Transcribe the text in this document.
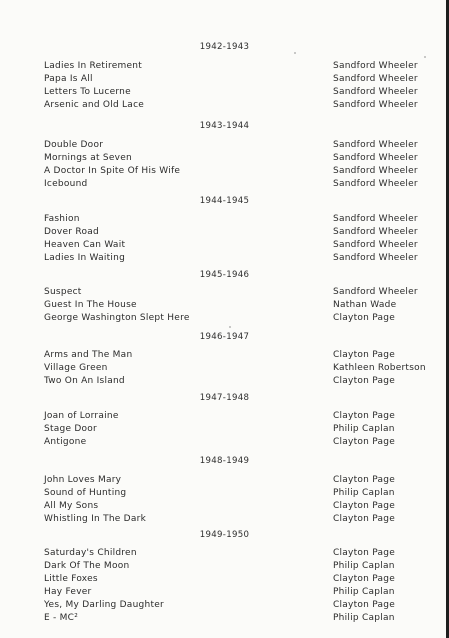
1942-1943
Ladies In Retirement	Sandford Wheeler
Papa Is All	Sandford Wheeler
Letters To Lucerne	Sandford Wheeler
Arsenic and Old Lace	Sandford Wheeler
1943-1944
Double Door	Sandford Wheeler
Mornings at Seven	Sandford Wheeler
A Doctor In Spite Of His Wife	Sandford Wheeler
Icebound	Sandford Wheeler
1944-1945
Fashion	Sandford Wheeler
Dover Road	Sandford Wheeler
Heaven Can Wait	Sandford Wheeler
Ladies In Waiting	Sandford Wheeler
1945-1946
Suspect	Sandford Wheeler
Guest In The House	Nathan Wade
George Washington Slept Here	Clayton Page
1946-1947
Arms and The Man	Clayton Page
Village Green	Kathleen Robertson
Two On An Island	Clayton Page
1947-1948
Joan of Lorraine	Clayton Page
Stage Door	Philip Caplan
Antigone	Clayton Page
1948-1949
John Loves Mary	Clayton Page
Sound of Hunting	Philip Caplan
All My Sons	Clayton Page
Whistling In The Dark	Clayton Page
1949-1950
Saturday's Children	Clayton Page
Dark Of The Moon	Philip Caplan
Little Foxes	Clayton Page
Hay Fever	Philip Caplan
Yes, My Darling Daughter	Clayton Page
E - MC²	Philip Caplan
